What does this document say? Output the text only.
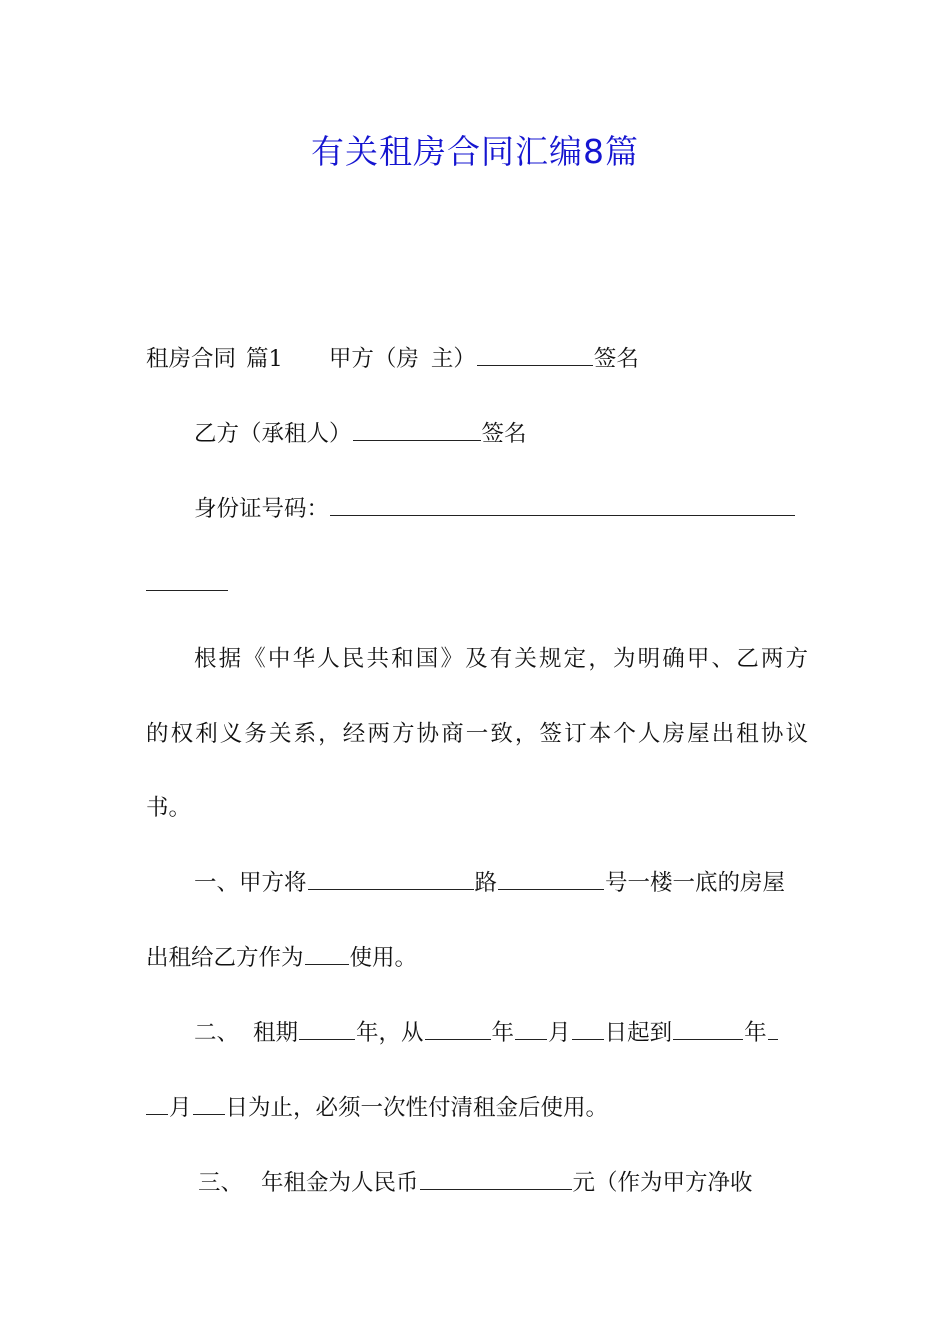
有关租房合同汇编8篇
租房合同 篇1 甲方（房 主）	签名
乙方（承租人）	签名
身份证号码：
根据《中华人民共和国》及有关规定，为明确甲、乙两方
的权利义务关系，经两方协商一致，签订本个人房屋出租协议
书。
一、甲方将	路	号一楼一底的房屋
出租给乙方作为 使用。
二、 租期	年，从	年 月 日起到	年
月 日为止，必须一次性付清租金后使用。
三、 年租金为人民币	元（作为甲方净收
